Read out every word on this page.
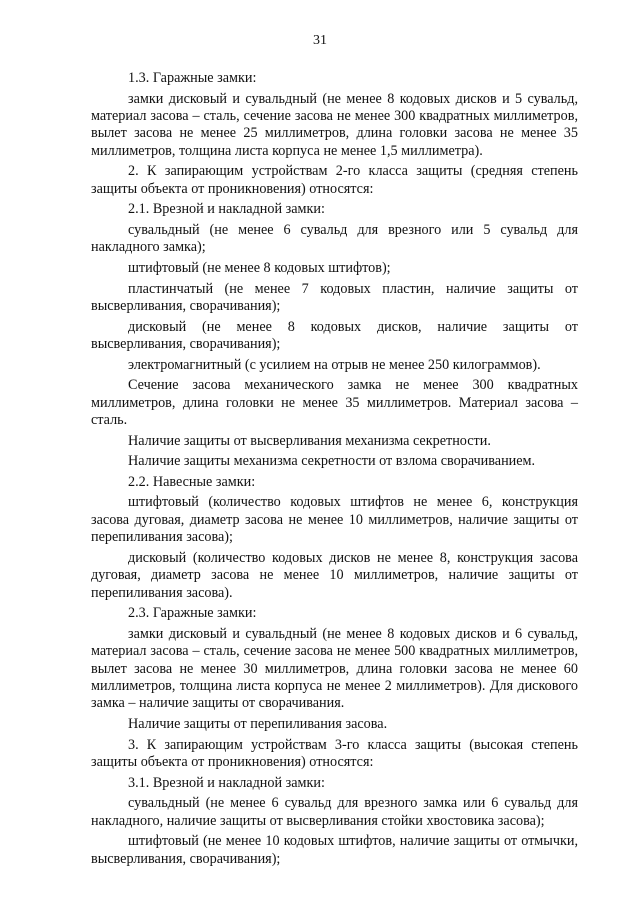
31

1.3. Гаражные замки:

замки дисковый и сувальдный (не менее 8 кодовых дисков и 5 сувальд, материал засова – сталь, сечение засова не менее 300 квадратных миллиметров, вылет засова не менее 25 миллиметров, длина головки засова не менее 35 миллиметров, толщина листа корпуса не менее 1,5 миллиметра).

2. К запирающим устройствам 2-го класса защиты (средняя степень защиты объекта от проникновения) относятся:

2.1. Врезной и накладной замки:

сувальдный (не менее 6 сувальд для врезного или 5 сувальд для накладного замка);

штифтовый (не менее 8 кодовых штифтов);

пластинчатый (не менее 7 кодовых пластин, наличие защиты от высверливания, сворачивания);

дисковый (не менее 8 кодовых дисков, наличие защиты от высверливания, сворачивания);

электромагнитный (с усилием на отрыв не менее 250 килограммов).

Сечение засова механического замка не менее 300 квадратных миллиметров, длина головки не менее 35 миллиметров. Материал засова – сталь.

Наличие защиты от высверливания механизма секретности.

Наличие защиты механизма секретности от взлома сворачиванием.

2.2. Навесные замки:

штифтовый (количество кодовых штифтов не менее 6, конструкция засова дуговая, диаметр засова не менее 10 миллиметров, наличие защиты от перепиливания засова);

дисковый (количество кодовых дисков не менее 8, конструкция засова дуговая, диаметр засова не менее 10 миллиметров, наличие защиты от перепиливания засова).

2.3. Гаражные замки:

замки дисковый и сувальдный (не менее 8 кодовых дисков и 6 сувальд, материал засова – сталь, сечение засова не менее 500 квадратных миллиметров, вылет засова не менее 30 миллиметров, длина головки засова не менее 60 миллиметров, толщина листа корпуса не менее 2 миллиметров). Для дискового замка – наличие защиты от сворачивания.

Наличие защиты от перепиливания засова.

3. К запирающим устройствам 3-го класса защиты (высокая степень защиты объекта от проникновения) относятся:

3.1. Врезной и накладной замки:

сувальдный (не менее 6 сувальд для врезного замка или 6 сувальд для накладного, наличие защиты от высверливания стойки хвостовика засова);

штифтовый (не менее 10 кодовых штифтов, наличие защиты от отмычки, высверливания, сворачивания);
